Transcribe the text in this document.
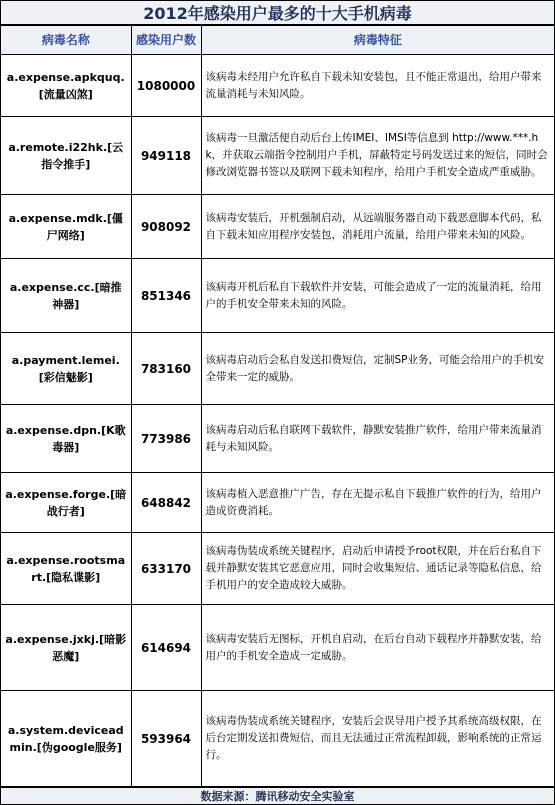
2012年感染用户最多的十大手机病毒
病毒名称	感染用户数	病毒特征
a.expense.apkquq.[流量凶煞]	1080000	该病毒未经用户允许私自下载未知安装包，且不能正常退出，给用户带来流量消耗与未知风险。
a.remote.i22hk.[云指令推手]	949118	该病毒一旦激活便自动后台上传IMEI、IMSI等信息到 http://www.***.hk，并获取云端指令控制用户手机，屏蔽特定号码发送过来的短信，同时会修改浏览器书签以及联网下载未知程序，给用户手机安全造成严重威胁。
a.expense.mdk.[僵尸网络]	908092	该病毒安装后，开机强制启动，从远端服务器自动下载恶意脚本代码，私自下载未知应用程序安装包，消耗用户流量，给用户带来未知的风险。
a.expense.cc.[暗推神器]	851346	该病毒开机后私自下载软件并安装，可能会造成了一定的流量消耗，给用户的手机安全带来未知的风险。
a.payment.lemei.[彩信魅影]	783160	该病毒启动后会私自发送扣费短信，定制SP业务，可能会给用户的手机安全带来一定的威胁。
a.expense.dpn.[K歌毒器]	773986	该病毒启动后私自联网下载软件，静默安装推广软件，给用户带来流量消耗与未知风险。
a.expense.forge.[暗战行者]	648842	该病毒植入恶意推广广告，存在无提示私自下载推广软件的行为，给用户造成资费消耗。
a.expense.rootsmart.[隐私谍影]	633170	该病毒伪装成系统关键程序，启动后申请授予root权限，并在后台私自下载并静默安装其它恶意应用，同时会收集短信、通话记录等隐私信息，给手机用户的安全造成较大威胁。
a.expense.jxkj.[暗影恶魔]	614694	该病毒安装后无图标，开机自启动，在后台自动下载程序并静默安装，给用户的手机安全造成一定威胁。
a.system.deviceadmin.[伪google服务]	593964	该病毒伪装成系统关键程序，安装后会误导用户授予其系统高级权限，在后台定期发送扣费短信，而且无法通过正常流程卸载，影响系统的正常运行。
数据来源：腾讯移动安全实验室
